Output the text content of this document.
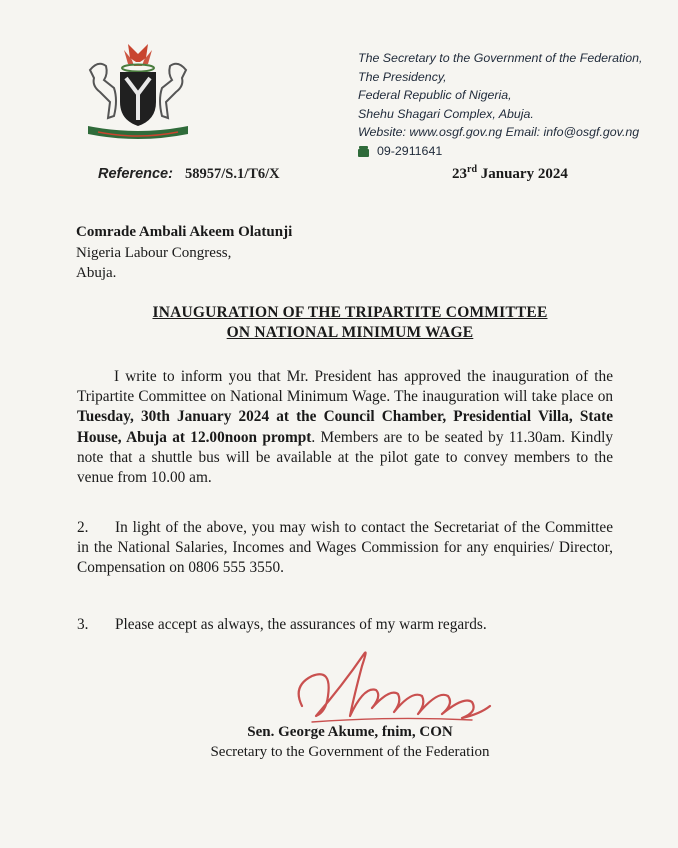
The Secretary to the Government of the Federation,
The Presidency,
Federal Republic of Nigeria,
Shehu Shagari Complex, Abuja.
Website: www.osgf.gov.ng Email: info@osgf.gov.ng
09-2911641
Reference: 58957/S.1/T6/X	23rd January 2024
Comrade Ambali Akeem Olatunji
Nigeria Labour Congress,
Abuja.
INAUGURATION OF THE TRIPARTITE COMMITTEE
ON NATIONAL MINIMUM WAGE
I write to inform you that Mr. President has approved the inauguration of the Tripartite Committee on National Minimum Wage. The inauguration will take place on Tuesday, 30th January 2024 at the Council Chamber, Presidential Villa, State House, Abuja at 12.00noon prompt. Members are to be seated by 11.30am. Kindly note that a shuttle bus will be available at the pilot gate to convey members to the venue from 10.00 am.
2. In light of the above, you may wish to contact the Secretariat of the Committee in the National Salaries, Incomes and Wages Commission for any enquiries/ Director, Compensation on 0806 555 3550.
3. Please accept as always, the assurances of my warm regards.
Sen. George Akume, fnim, CON
Secretary to the Government of the Federation
